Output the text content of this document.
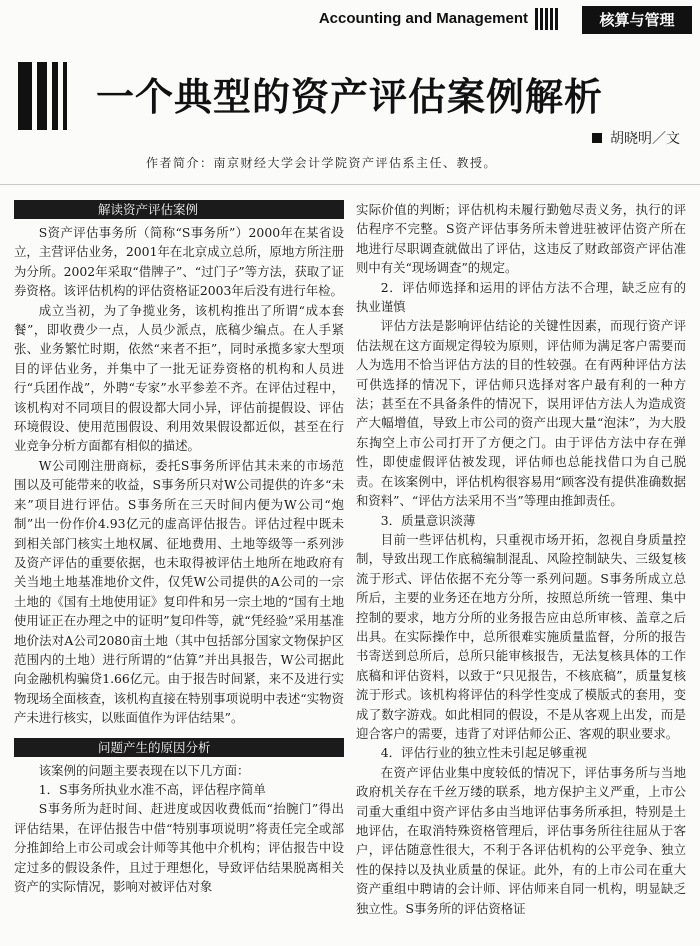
Accounting and Management	核算与管理
一个典型的资产评估案例解析
胡晓明／文
作者简介：南京财经大学会计学院资产评估系主任、教授。
解读资产评估案例

S资产评估事务所（简称“S事务所”）2000年在某省设立，主营评估业务，2001年在北京成立总所，原地方所注册为分所。2002年采取“借牌子”、“过门子”等方法，获取了证券资格。该评估机构的评估资格证2003年后没有进行年检。

成立当初，为了争揽业务，该机构推出了所谓“成本套餐”，即收费少一点，人员少派点，底稿少编点。在人手紧张、业务繁忙时期，依然“来者不拒”，同时承揽多家大型项目的评估业务，并集中了一批无证券资格的机构和人员进行“兵团作战”，外聘“专家”水平参差不齐。在评估过程中，该机构对不同项目的假设都大同小异，评估前提假设、评估环境假设、使用范围假设、利用效果假设都近似，甚至在行业竞争分析方面都有相似的描述。

W公司刚注册商标，委托S事务所评估其未来的市场范围以及可能带来的收益，S事务所只对W公司提供的许多“未来”项目进行评估。S事务所在三天时间内便为W公司“炮制”出一份作价4.93亿元的虚高评估报告。评估过程中既未到相关部门核实土地权属、征地费用、土地等级等一系列涉及资产评估的重要依据，也未取得被评估土地所在地政府有关当地土地基准地价文件，仅凭W公司提供的A公司的一宗土地的《国有土地使用证》复印件和另一宗土地的“国有土地使用证正在办理之中的证明”复印件等，就“凭经验”采用基准地价法对A公司2080亩土地（其中包括部分国家文物保护区范围内的土地）进行所谓的“估算”并出具报告，W公司据此向金融机构骗贷1.66亿元。由于报告时间紧，来不及进行实物现场全面核查，该机构直接在特别事项说明中表述“实物资产未进行核实，以账面值作为评估结果”。

问题产生的原因分析

该案例的问题主要表现在以下几方面：

1．S事务所执业水准不高，评估程序简单

S事务所为赶时间、赶进度或因收费低而“抬腕门”得出评估结果，在评估报告中借“特别事项说明”将责任完全或部分推卸给上市公司或会计师等其他中介机构；评估报告中设定过多的假设条件，且过于理想化，导致评估结果脱离相关资产的实际情况，影响对被评估对象

实际价值的判断；评估机构未履行勤勉尽责义务，执行的评估程序不完整。S资产评估事务所未曾进驻被评估资产所在地进行尽职调查就做出了评估，这违反了财政部资产评估准则中有关“现场调查”的规定。

2．评估师选择和运用的评估方法不合理，缺乏应有的执业谨慎

评估方法是影响评估结论的关键性因素，而现行资产评估法规在这方面规定得较为原则，评估师为满足客户需要而人为选用不恰当评估方法的目的性较强。在有两种评估方法可供选择的情况下，评估师只选择对客户最有利的一种方法；甚至在不具备条件的情况下，误用评估方法人为造成资产大幅增值，导致上市公司的资产出现大量“泡沫”，为大股东掏空上市公司打开了方便之门。由于评估方法中存在弹性，即使虚假评估被发现，评估师也总能找借口为自己脱责。在该案例中，评估机构很容易用“顾客没有提供准确数据和资料”、“评估方法采用不当”等理由推卸责任。

3．质量意识淡薄

目前一些评估机构，只重视市场开拓，忽视自身质量控制，导致出现工作底稿编制混乱、风险控制缺失、三级复核流于形式、评估依据不充分等一系列问题。S事务所成立总所后，主要的业务还在地方分所，按照总所统一管理、集中控制的要求，地方分所的业务报告应由总所审核、盖章之后出具。在实际操作中，总所很难实施质量监督，分所的报告书寄送到总所后，总所只能审核报告，无法复核具体的工作底稿和评估资料，以致于“只见报告，不核底稿”，质量复核流于形式。该机构将评估的科学性变成了模版式的套用，变成了数字游戏。如此相同的假设，不是从客观上出发，而是迎合客户的需要，违背了对评估师公正、客观的职业要求。

4．评估行业的独立性未引起足够重视

在资产评估业集中度较低的情况下，评估事务所与当地政府机关存在千丝万缕的联系，地方保护主义严重，上市公司重大重组中资产评估多由当地评估事务所承担，特别是土地评估，在取消特殊资格管理后，评估事务所往往屈从于客户，评估随意性很大，不利于各评估机构的公平竞争、独立性的保持以及执业质量的保证。此外，有的上市公司在重大资产重组中聘请的会计师、评估师来自同一机构，明显缺乏独立性。S事务所的评估资格证
